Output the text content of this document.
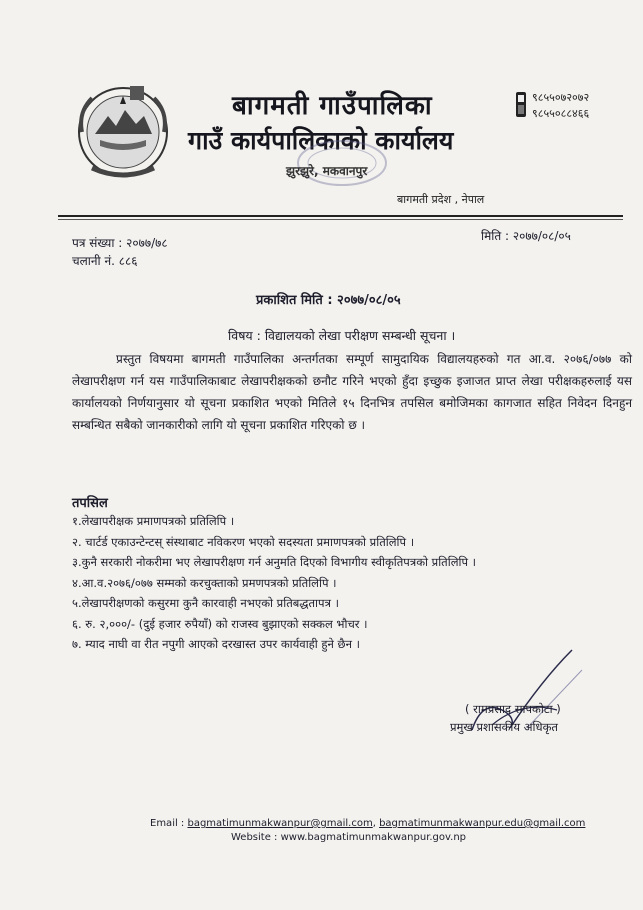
बागमती गाउँपालिका
गाउँ कार्यपालिकाको कार्यालय
झुरझुरे, मकवानपुर
बागमती प्रदेश , नेपाल
९८५५०७२०७२
९८५५०८८४६६
पत्र संख्या : २०७७/७८
चलानी नं. ८८६
मिति : २०७७/०८/०५
प्रकाशित मिति : २०७७/०८/०५
विषय : विद्यालयको लेखा परीक्षण सम्बन्धी सूचना ।

प्रस्तुत विषयमा बागमती गाउँपालिका अन्तर्गतका सम्पूर्ण सामुदायिक विद्यालयहरुको गत आ.व. २०७६/०७७ को लेखापरीक्षण गर्न यस गाउँपालिकाबाट लेखापरीक्षकको छनौट गरिने भएको हुँदा इच्छुक इजाजत प्राप्त लेखा परीक्षकहरुलाई यस कार्यालयको निर्णयानुसार यो सूचना प्रकाशित भएको मितिले १५ दिनभित्र तपसिल बमोजिमका कागजात सहित निवेदन दिनहुन सम्बन्धित सबैको जानकारीको लागि यो सूचना प्रकाशित गरिएको छ ।

तपसिल
१.लेखापरीक्षक प्रमाणपत्रको प्रतिलिपि ।
२. चार्टर्ड एकाउन्टेन्टस् संस्थाबाट नविकरण भएको सदस्यता प्रमाणपत्रको प्रतिलिपि ।
३.कुनै सरकारी नोकरीमा भए लेखापरीक्षण गर्न अनुमति दिएको विभागीय स्वीकृतिपत्रको प्रतिलिपि ।
४.आ.व.२०७६/०७७ सम्मको करचुक्ताको प्रमणपत्रको प्रतिलिपि ।
५.लेखापरीक्षणको कसुरमा कुनै कारवाही नभएको प्रतिबद्धतापत्र ।
६. रु. २,०००/- (दुई हजार रुपैयाँ) को राजस्व बुझाएको सक्कल भौचर ।
७. म्याद नाघी वा रीत नपुगी आएको दरखास्त उपर कार्यवाही हुने छैन ।
( रामप्रसाद सापकोटा )
प्रमुख प्रशासकीय अधिकृत
Email : bagmatimunmakwanpur@gmail.com, bagmatimunmakwanpur.edu@gmail.com
Website : www.bagmatimunmakwanpur.gov.np
